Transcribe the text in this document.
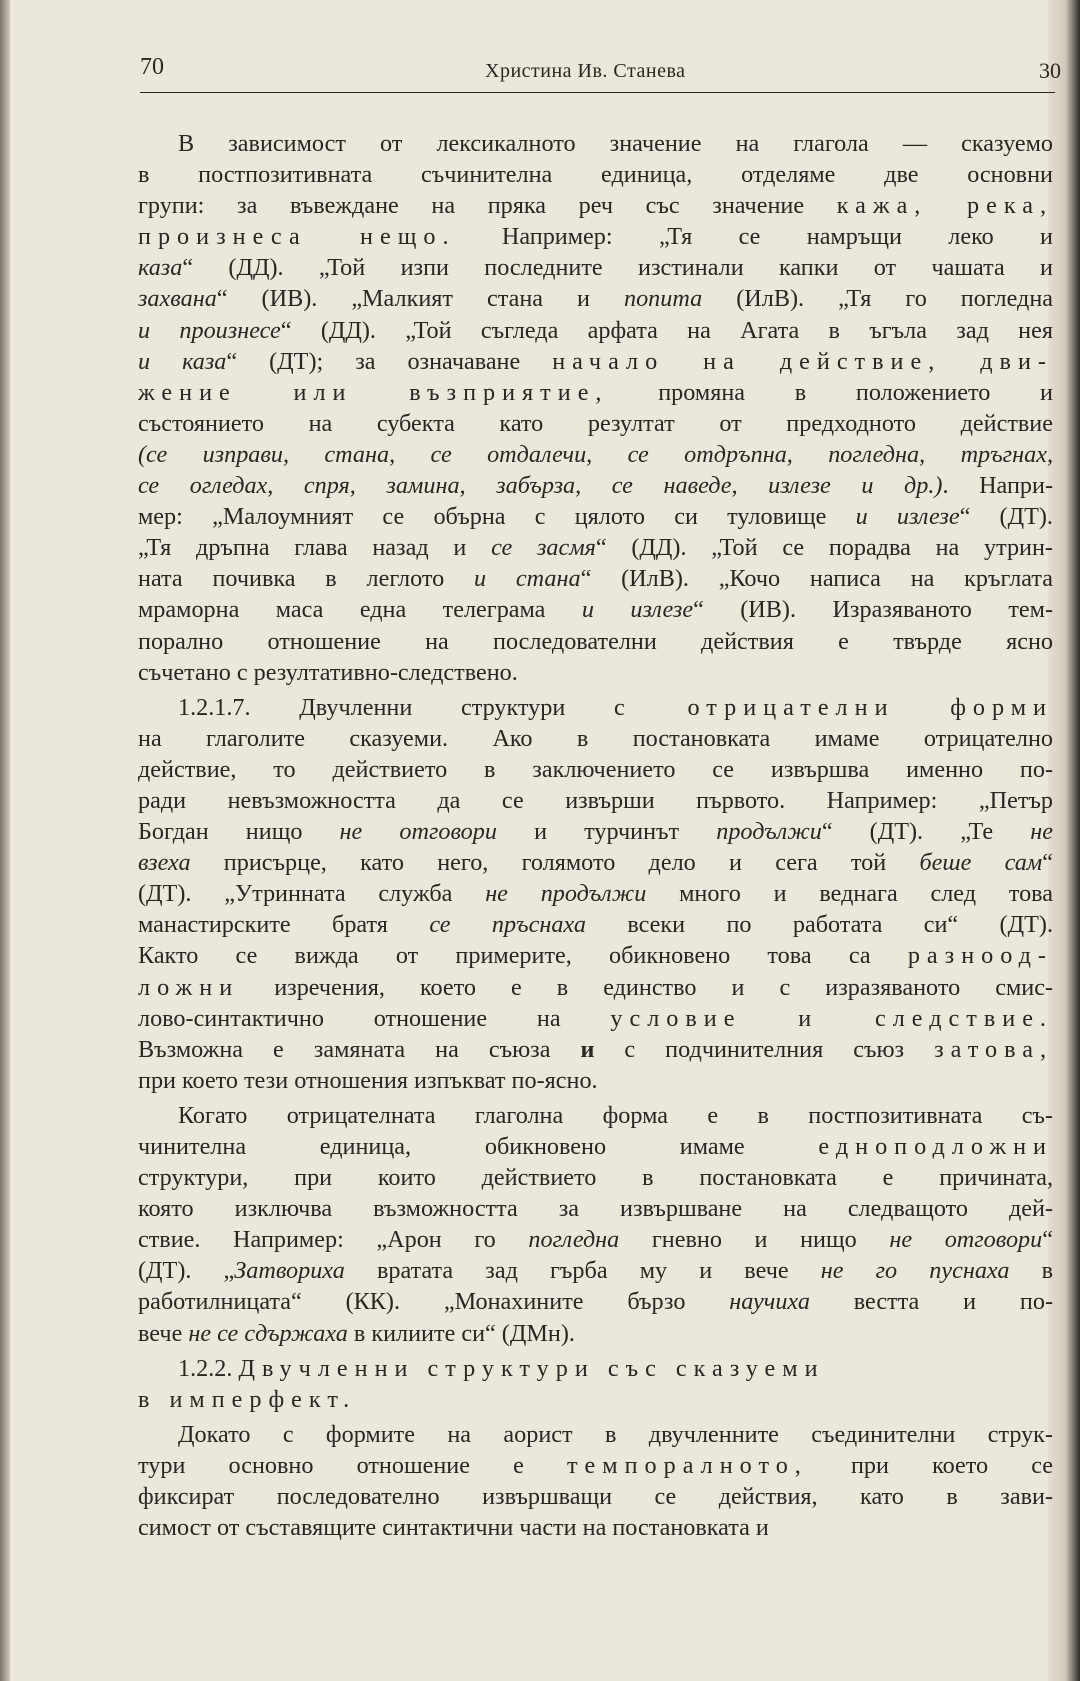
70	Христина Ив. Станева	30
В зависимост от лексикалното значение на глагола — сказуемо
в постпозитивната съчинителна единица, отделяме две основни
групи: за въвеждане на пряка реч със значение кажа, река,
произнеса нещо. Например: „Тя се намръщи леко и
каза“ (ДД). „Той изпи последните изстинали капки от чашата и
захвана“ (ИВ). „Малкият стана и попита (ИлВ). „Тя го погледна
и произнесе“ (ДД). „Той съгледа арфата на Агата в ъгъла зад нея
и каза“ (ДТ); за означаване начало на действие, дви-
жение или възприятие, промяна в положението и
състоянието на субекта като резултат от предходното действие
(се изправи, стана, се отдалечи, се отдръпна, погледна, тръгнах,
се огледах, спря, замина, забърза, се наведе, излезе и др.). Напри-
мер: „Малоумният се обърна с цялото си туловище и излезе“ (ДТ).
„Тя дръпна глава назад и се засмя“ (ДД). „Той се порадва на утрин-
ната почивка в леглото и стана“ (ИлВ). „Кочо написа на кръглата
мраморна маса една телеграма и излезе“ (ИВ). Изразяваното тем-
порално отношение на последователни действия е твърде ясно
съчетано с резултативно-следствено.
1.2.1.7. Двучленни структури с отрицателни форми
на глаголите сказуеми. Ако в постановката имаме отрицателно
действие, то действието в заключението се извършва именно по-
ради невъзможността да се извърши първото. Например: „Петър
Богдан нищо не отговори и турчинът продължи“ (ДТ). „Те не
взеха присърце, като него, голямото дело и сега той беше сам“
(ДТ). „Утринната служба не продължи много и веднага след това
манастирските братя се пръснаха всеки по работата си“ (ДТ).
Както се вижда от примерите, обикновено това са разноод-
ложни изречения, което е в единство и с изразяваното смис-
лово-синтактично отношение на условие и следствие.
Възможна е замяната на съюза и с подчинителния съюз затова,
при което тези отношения изпъкват по-ясно.
Когато отрицателната глаголна форма е в постпозитивната съ-
чинителна единица, обикновено имаме едноподложни
структури, при които действието в постановката е причината,
която изключва възможността за извършване на следващото дей-
ствие. Например: „Арон го погледна гневно и нищо не отговори“
(ДТ). „Затвориха вратата зад гърба му и вече не го пуснаха в
работилницата“ (КК). „Монахините бързо научиха вестта и по-
вече не се сдържаха в килиите си“ (ДМн).
1.2.2. Двучленни структури със сказуеми
в имперфект.
Докато с формите на аорист в двучленните съединителни струк-
тури основно отношение е темпоралното, при което се
фиксират последователно извършващи се действия, като в зави-
симост от съставящите синтактични части на постановката и
